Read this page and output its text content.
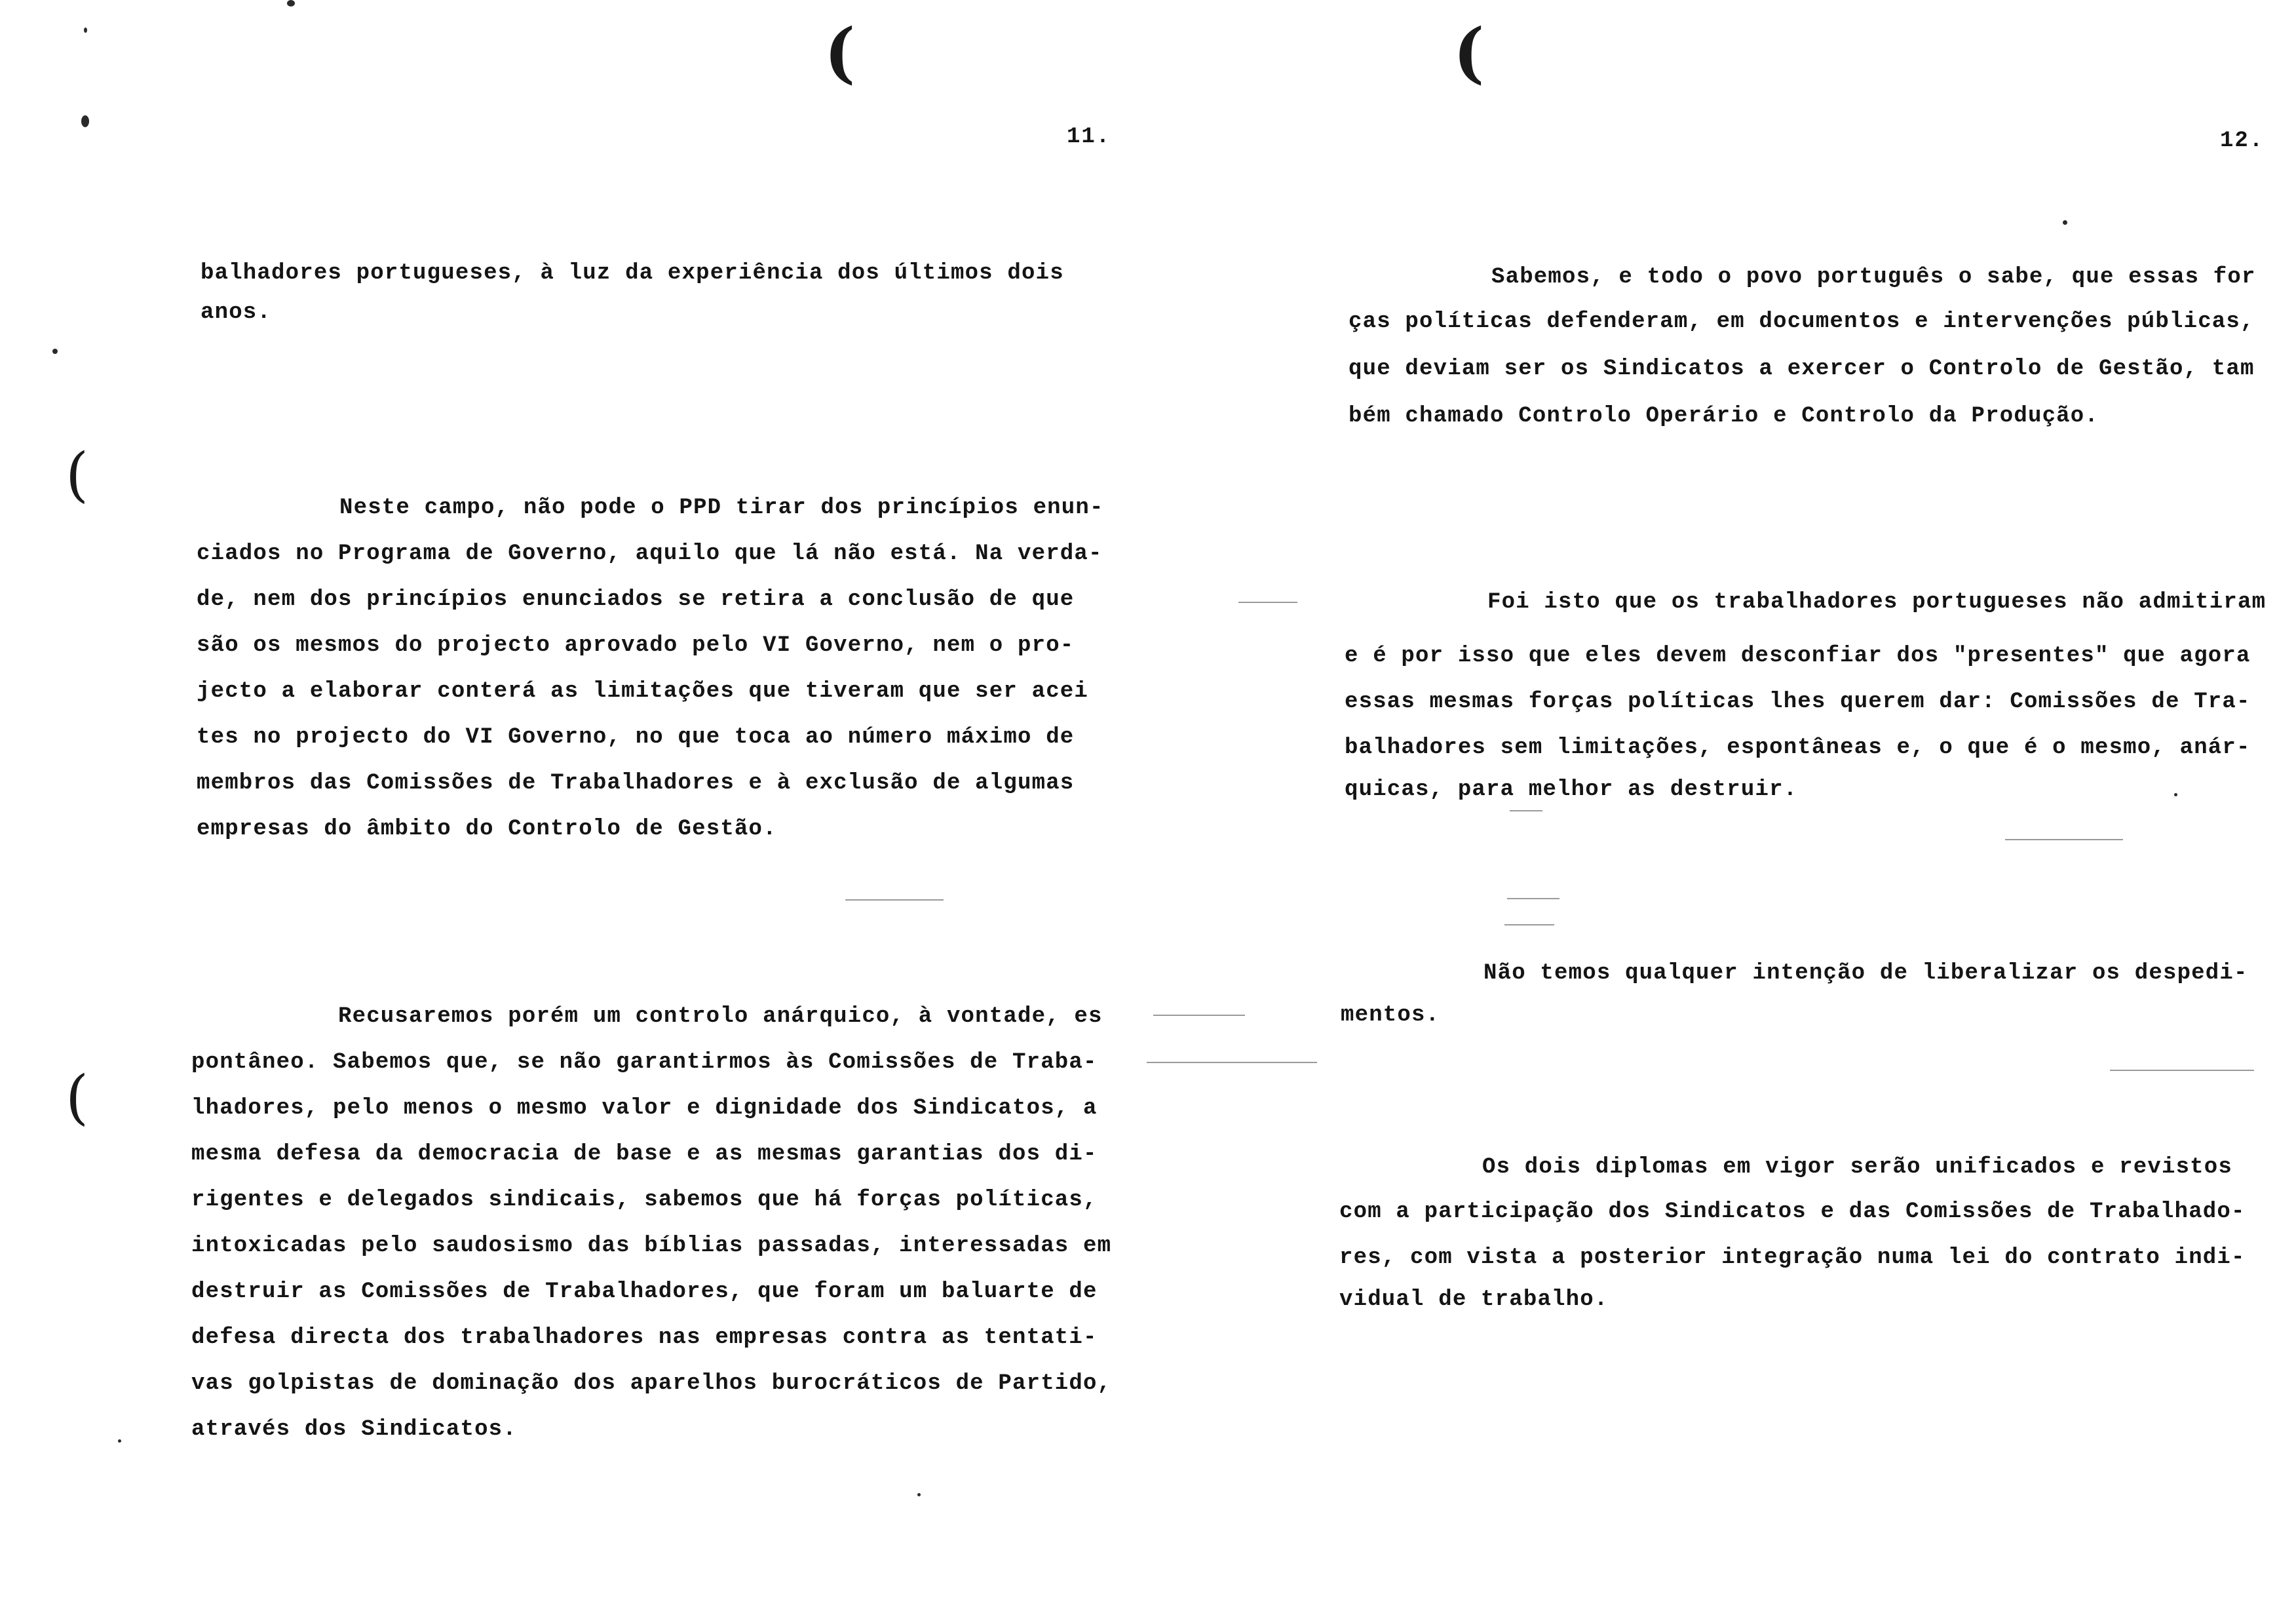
(	(
(
(
11.
balhadores portugueses, à luz da experiência dos últimos dois
anos.
Neste campo, não pode o PPD tirar dos princípios enun-
ciados no Programa de Governo, aquilo que lá não está. Na verda-
de, nem dos princípios enunciados se retira a conclusão de que
são os mesmos do projecto aprovado pelo VI Governo, nem o pro-
jecto a elaborar conterá as limitações que tiveram que ser acei
tes no projecto do VI Governo, no que toca ao número máximo de
membros das Comissões de Trabalhadores e à exclusão de algumas
empresas do âmbito do Controlo de Gestão.
Recusaremos porém um controlo anárquico, à vontade, es
pontâneo. Sabemos que, se não garantirmos às Comissões de Traba-
lhadores, pelo menos o mesmo valor e dignidade dos Sindicatos, a
mesma defesa da democracia de base e as mesmas garantias dos di-
rigentes e delegados sindicais, sabemos que há forças políticas,
intoxicadas pelo saudosismo das bíblias passadas, interessadas em
destruir as Comissões de Trabalhadores, que foram um baluarte de
defesa directa dos trabalhadores nas empresas contra as tentati-
vas golpistas de dominação dos aparelhos burocráticos de Partido,
através dos Sindicatos.
12.
Sabemos, e todo o povo português o sabe, que essas for
ças políticas defenderam, em documentos e intervenções públicas,
que deviam ser os Sindicatos a exercer o Controlo de Gestão, tam
bém chamado Controlo Operário e Controlo da Produção.
Foi isto que os trabalhadores portugueses não admitiram
e é por isso que eles devem desconfiar dos "presentes" que agora
essas mesmas forças políticas lhes querem dar: Comissões de Tra-
balhadores sem limitações, espontâneas e, o que é o mesmo, anár-
quicas, para melhor as destruir.
Não temos qualquer intenção de liberalizar os despedi-
mentos.
Os dois diplomas em vigor serão unificados e revistos
com a participação dos Sindicatos e das Comissões de Trabalhado-
res, com vista a posterior integração numa lei do contrato indi-
vidual de trabalho.
